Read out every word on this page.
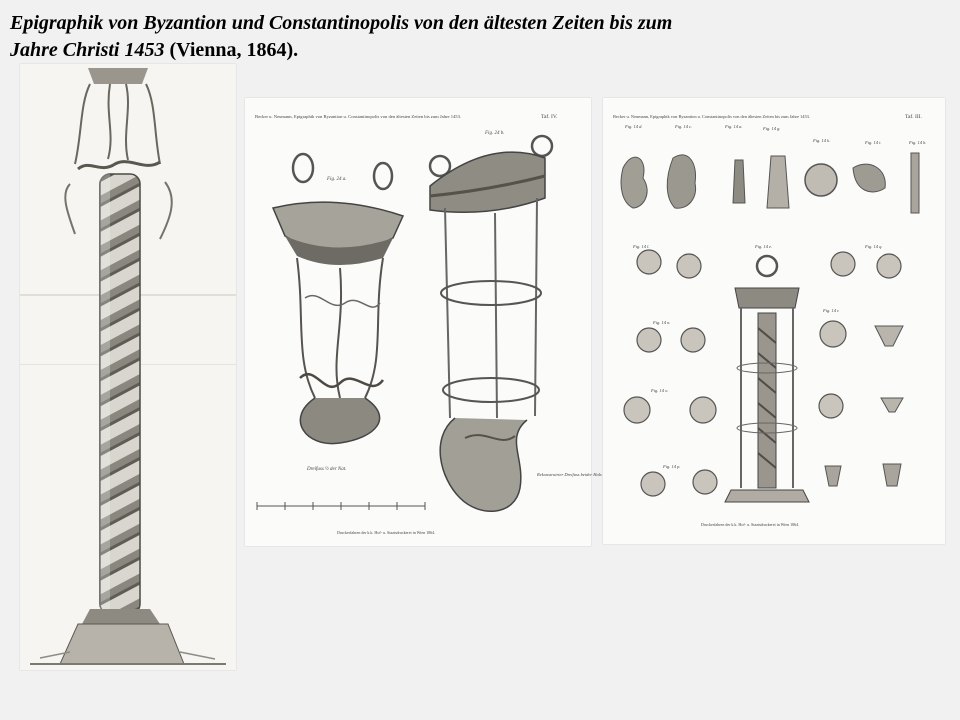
Epigraphik von Byzantion und Constantinopolis von den ältesten Zeiten bis zum
Jahre Christi 1453 (Vienna, 1864).
Becker u. Neumann, Epigraphik von Byzantion u. Constantinopolis von den ältesten Zeiten bis zum Jahre 1453.	Taf. IV.
Fig. 24 a.
Fig. 24 b.
Dreifuss ½ der Nat.
Rekonstruirter Dreifuss beider Hals
Druckerfahren der k.k. Hof- u. Staatsdruckerei in Wien 1864.
Becker u. Neumann, Epigraphik von Byzantion u. Constantinopolis von den ältesten Zeiten bis zum Jahre 1453.	Taf. III.
Fig. 14 d.	Fig. 14 c.	Fig. 14 a.	Fig. 14 g.
Fig. 14 k.	Fig. 14 i.	Fig. 14 h.
Fig. 14 e.
Fig. 14 l.
Fig. 14 n.
Fig. 14 o.
Fig. 14 p.
Fig. 14 q.
Fig. 14 r.
Druckerfahren der k.k. Hof- u. Staatsdruckerei in Wien 1864.
